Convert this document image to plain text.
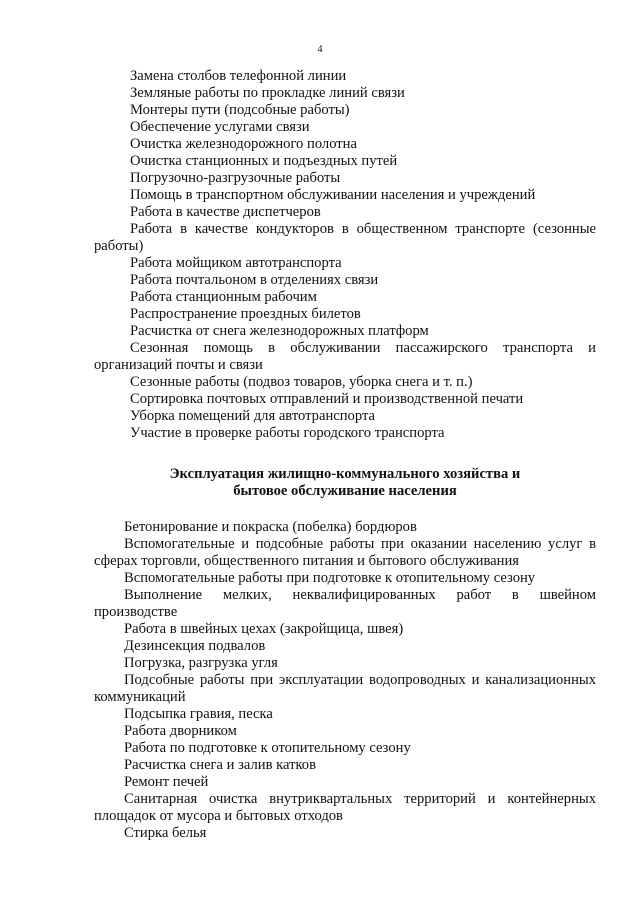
4

Замена столбов телефонной линии

Земляные работы по прокладке линий связи

Монтеры пути (подсобные работы)

Обеспечение услугами связи

Очистка железнодорожного полотна

Очистка станционных и подъездных путей

Погрузочно-разгрузочные работы

Помощь в транспортном обслуживании населения и учреждений

Работа в качестве диспетчеров

Работа в качестве кондукторов в общественном транспорте (сезонные работы)

Работа мойщиком автотранспорта

Работа почтальоном в отделениях связи

Работа станционным рабочим

Распространение проездных билетов

Расчистка от снега железнодорожных платформ

Сезонная помощь в обслуживании пассажирского транспорта и организаций почты и связи

Сезонные работы (подвоз товаров, уборка снега и т. п.)

Сортировка почтовых отправлений и производственной печати

Уборка помещений для автотранспорта

Участие в проверке работы городского транспорта

Эксплуатация жилищно-коммунального хозяйства и
бытовое обслуживание населения

Бетонирование и покраска (побелка) бордюров

Вспомогательные и подсобные работы при оказании населению услуг в сферах торговли, общественного питания и бытового обслуживания

Вспомогательные работы при подготовке к отопительному сезону

Выполнение мелких, неквалифицированных работ в швейном производстве

Работа в швейных цехах (закройщица, швея)

Дезинсекция подвалов

Погрузка, разгрузка угля

Подсобные работы при эксплуатации водопроводных и канализационных коммуникаций

Подсыпка гравия, песка

Работа дворником

Работа по подготовке к отопительному сезону

Расчистка снега и залив катков

Ремонт печей

Санитарная очистка внутриквартальных территорий и контейнерных площадок от мусора и бытовых отходов

Стирка белья
